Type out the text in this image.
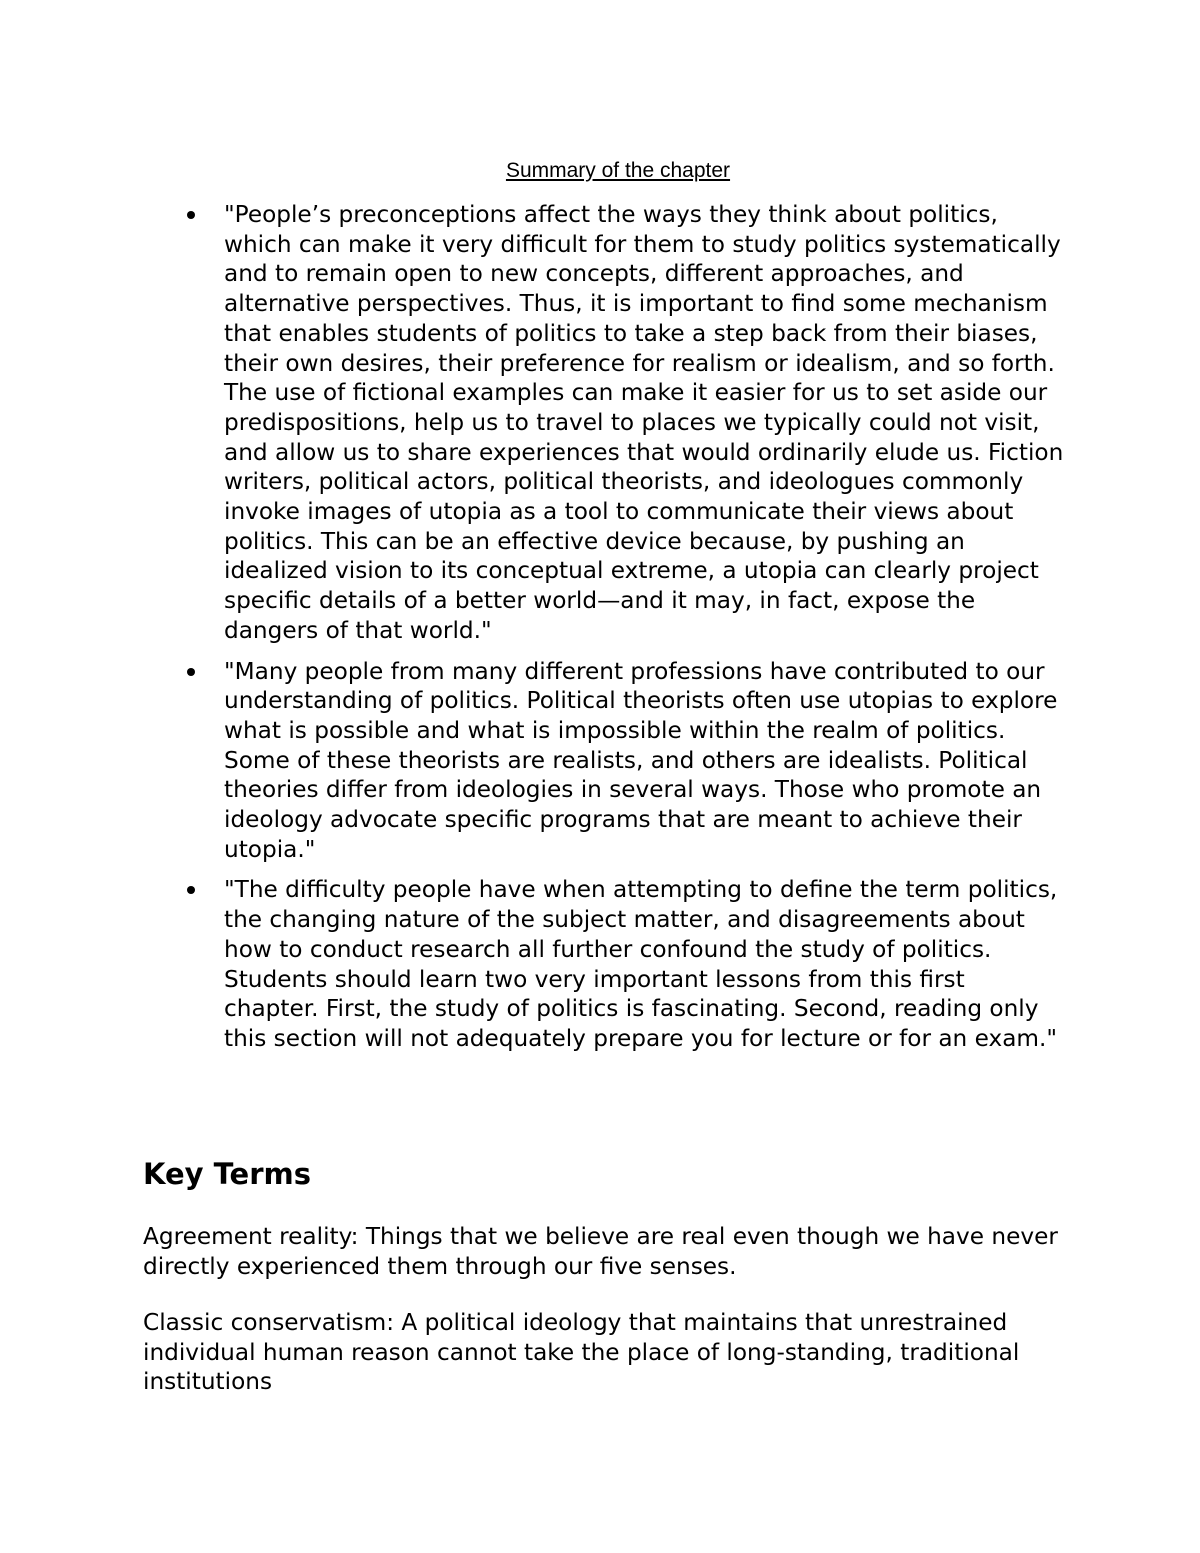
Summary of the chapter
"People’s preconceptions affect the ways they think about politics, which can make it very difficult for them to study politics systematically and to remain open to new concepts, different approaches, and alternative perspectives. Thus, it is important to find some mechanism that enables students of politics to take a step back from their biases, their own desires, their preference for realism or idealism, and so forth. The use of fictional examples can make it easier for us to set aside our predispositions, help us to travel to places we typically could not visit, and allow us to share experiences that would ordinarily elude us. Fiction writers, political actors, political theorists, and ideologues commonly invoke images of utopia as a tool to communicate their views about politics. This can be an effective device because, by pushing an idealized vision to its conceptual extreme, a utopia can clearly project specific details of a better world—and it may, in fact, expose the dangers of that world."
"Many people from many different professions have contributed to our understanding of politics. Political theorists often use utopias to explore what is possible and what is impossible within the realm of politics. Some of these theorists are realists, and others are idealists. Political theories differ from ideologies in several ways. Those who promote an ideology advocate specific programs that are meant to achieve their utopia."
"The difficulty people have when attempting to define the term politics, the changing nature of the subject matter, and disagreements about how to conduct research all further confound the study of politics. Students should learn two very important lessons from this first chapter. First, the study of politics is fascinating. Second, reading only this section will not adequately prepare you for lecture or for an exam."
Key Terms

Agreement reality: Things that we believe are real even though we have never directly experienced them through our five senses.

Classic conservatism: A political ideology that maintains that unrestrained individual human reason cannot take the place of long-standing, traditional institutions
